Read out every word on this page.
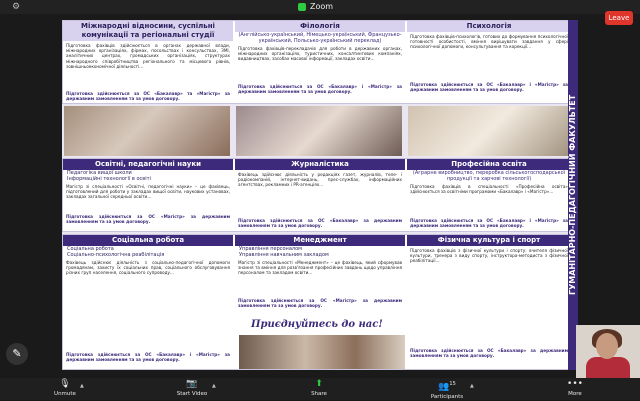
⚙	Zoom
Leave
Міжнародні відносини, суспільні комунікації та регіональні студії
Підготовка фахівців здійснюється в органах державної влади, міжнародних організаціях, фірмах, посольствах і консульствах, ЗМІ, аналітичних центрах, громадських організаціях, структурах міжнародного співробітництва регіонального та місцевого рівнів, зовнішньоекономічної діяльності...
Підготовка здійснюється за ОС «Бакалавр» та «Магістр» за державним замовленням та за умов договору.
Філологія
(Англійсько-український, Німецько-український, Французько-український, Польсько-український переклад)
Підготовка фахівців-перекладачів для роботи в державних органах, міжнародних організаціях, туристичних, консалтингових компаніях, видавництвах, засобах масової інформації, закладах освіти...
Підготовка здійснюється за ОС «Бакалавр» і «Магістр» за державним замовленням та за умов договору.
Психологія
Підготовка фахівців-психологів, готових до формування психологічної готовності особистості, вміння вирішувати завдання у сфері психологічної допомоги, консультування та корекції...
Підготовка здійснюється за ОС «Бакалавр» і «Магістр» за державним замовленням та за умов договору.
Освітні, педагогічні науки
Педагогіка вищої школи
Інформаційні технології в освіті
Магістр зі спеціальності «Освітні, педагогічні науки» – це фахівець, підготовлений для роботи у закладах вищої освіти, наукових установах, закладах загальної середньої освіти...
Підготовка здійснюється за ОС «Магістр» за державним замовленням та за умов договору.
Журналістика
Фахівець здійснює діяльність у редакціях газет, журналів, теле- і радіокомпаній, інтернет-видань, прес-службах, інформаційних агентствах, рекламних і PR-агенціях...
Підготовка здійснюється за ОС «Бакалавр» за державним замовленням та за умов договору.
Професійна освіта
(Аграрне виробництво, переробка сільськогосподарської продукції та харчові технології)
Підготовка фахівців в спеціальності «Професійна освіта» здійснюється за освітніми програмами «Бакалавр» і «Магістр»...
Підготовка здійснюється за ОС «Бакалавр» і «Магістр» за державним замовленням та за умов договору.
Соціальна робота
Соціальна робота
Соціально-психологічна реабілітація
Фахівець здійснює діяльність з соціально-педагогічної допомоги громадянам, захисту їх соціальних прав, соціального обслуговування різних груп населення, соціального супроводу...
Підготовка здійснюється за ОС «Бакалавр» і «Магістр» за державним замовленням та за умов договору.
Менеджмент
Управління персоналом
Управління навчальним закладом
Магістр зі спеціальності «Менеджмент» – це фахівець, який сформував знання та вміння для розв'язання професійних завдань щодо управління персоналом та закладом освіти...
Підготовка здійснюється за ОС «Магістр» за державним замовленням та за умов договору.
Приєднуйтесь до нас!
Фізична культура і спорт
Підготовка фахівців з фізичної культури і спорту: вчителя фізичної культури, тренера з виду спорту, інструктора-методиста з фізичної реабілітації...
Підготовка здійснюється за ОС «Бакалавр» за державним замовленням та за умов договору.
ГУМАНІТАРНО-ПЕДАГОГІЧНИЙ ФАКУЛЬТЕТ
✎
🎙
Unmute
▲	📷
Start Video
▲	⬆
Share
👥$^{15}$
Participants
▲	•••
More
